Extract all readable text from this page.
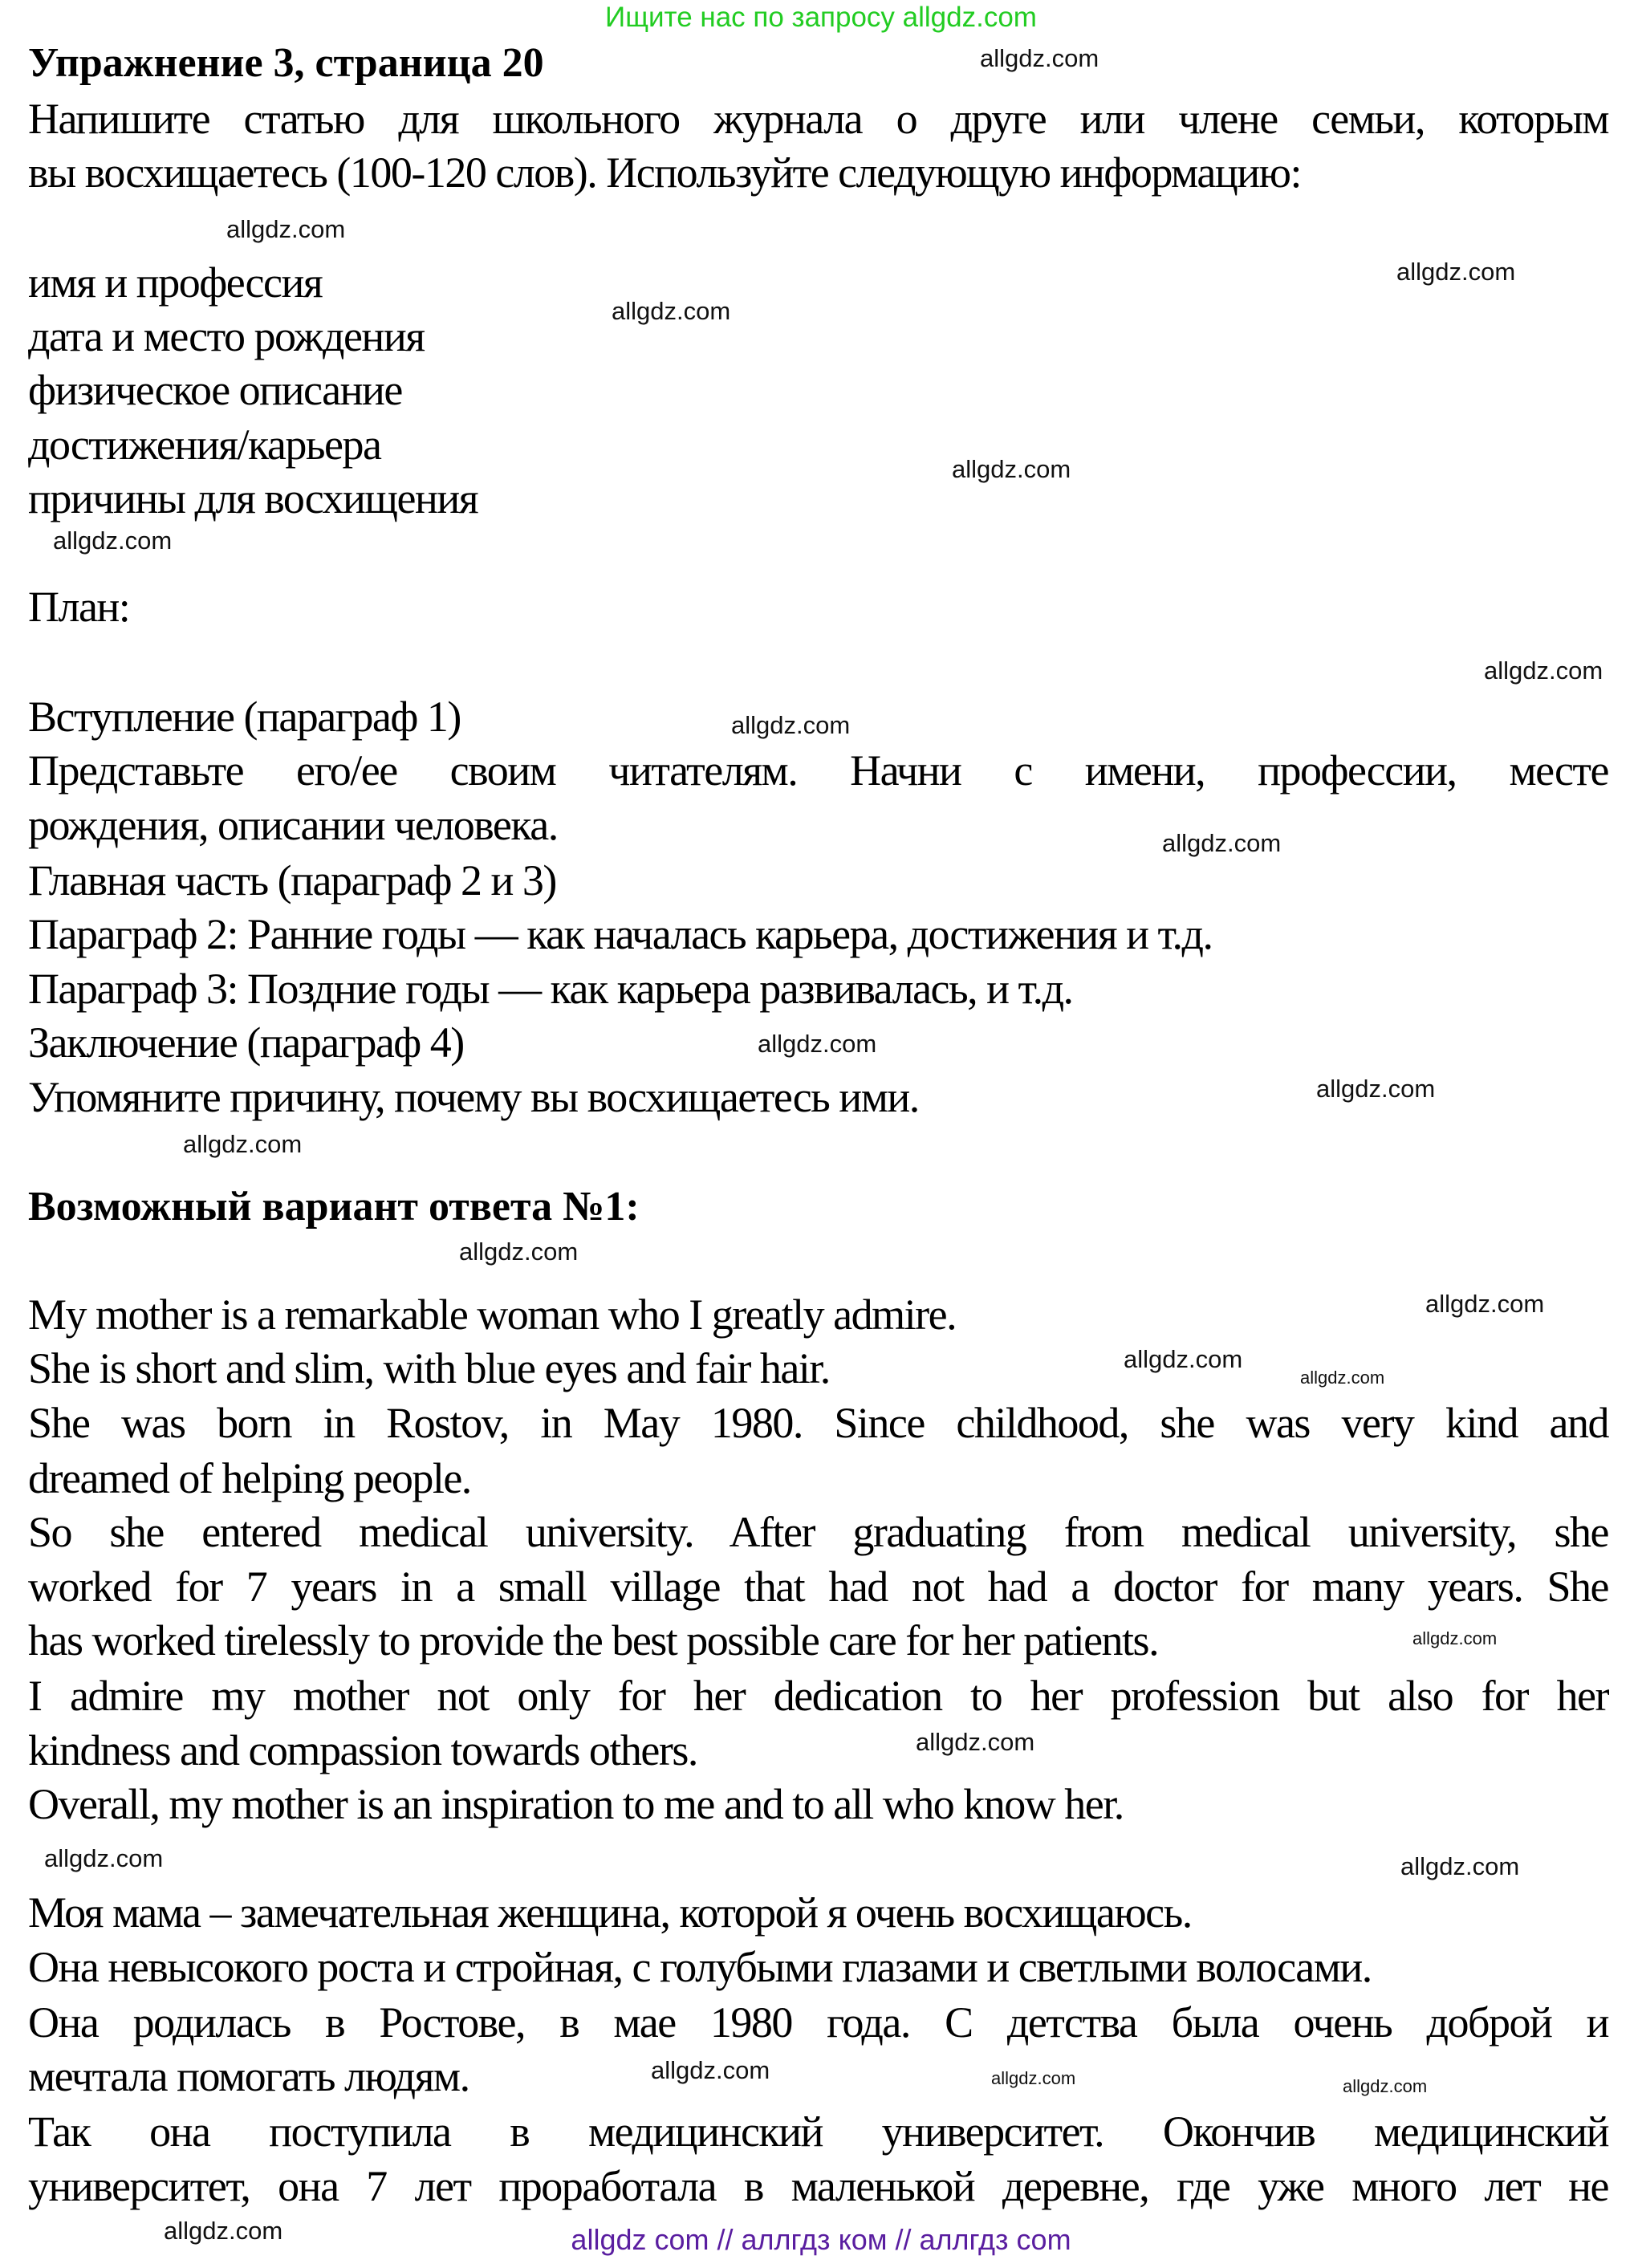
Ищите нас по запросу allgdz.com
Упражнение 3, страница 20
Напишите статью для школьного журнала о друге или члене семьи, которым
вы восхищаетесь (100-120 слов). Используйте следующую информацию:
имя и профессия
дата и место рождения
физическое описание
достижения/карьера
причины для восхищения
План:
Вступление (параграф 1)
Представьте его/ее своим читателям. Начни с имени, профессии, месте
рождения, описании человека.
Главная часть (параграф 2 и 3)
Параграф 2: Ранние годы — как началась карьера, достижения и т.д.
Параграф 3: Поздние годы — как карьера развивалась, и т.д.
Заключение (параграф 4)
Упомяните причину, почему вы восхищаетесь ими.
Возможный вариант ответа №1:
My mother is a remarkable woman who I greatly admire.
She is short and slim, with blue eyes and fair hair.
She was born in Rostov, in May 1980. Since childhood, she was very kind and
dreamed of helping people.
So she entered medical university. After graduating from medical university, she
worked for 7 years in a small village that had not had a doctor for many years. She
has worked tirelessly to provide the best possible care for her patients.
I admire my mother not only for her dedication to her profession but also for her
kindness and compassion towards others.
Overall, my mother is an inspiration to me and to all who know her.
Моя мама – замечательная женщина, которой я очень восхищаюсь.
Она невысокого роста и стройная, с голубыми глазами и светлыми волосами.
Она родилась в Ростове, в мае 1980 года. С детства была очень доброй и
мечтала помогать людям.
Так она поступила в медицинский университет. Окончив медицинский
университет, она 7 лет проработала в маленькой деревне, где уже много лет не
allgdz.com
allgdz.com
allgdz.com
allgdz.com
allgdz.com
allgdz.com
allgdz.com
allgdz.com
allgdz.com
allgdz.com
allgdz.com
allgdz.com
allgdz.com
allgdz.com
allgdz.com
allgdz.com
allgdz.com
allgdz.com
allgdz.com	allgdz.com
allgdz.com
allgdz.com
allgdz.com
allgdz.com	allgdz com // аллгдз ком // аллгдз com
